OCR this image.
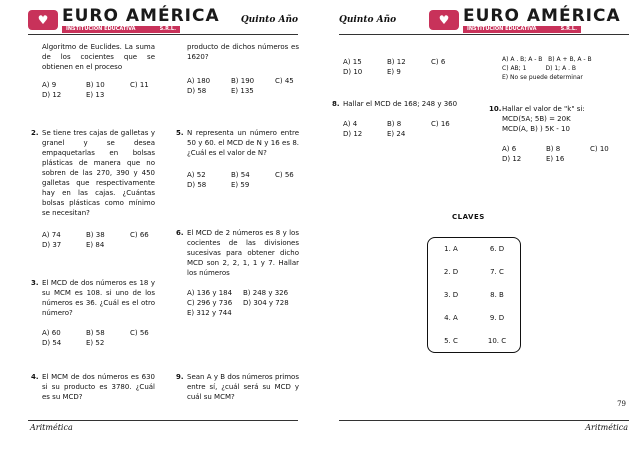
♥ EURO AMÉRICA
INSTITUCIÓN EDUCATIVA	S.R.L.
Quinto Año
Algoritmo de Euclides. La suma de los cocientes que se obtienen en el proceso
A) 9	B) 10	C) 11
D) 12	E) 13
2. Se tiene tres cajas de galletas y granel y se desea empaquetarlas en bolsas plásticas de manera que no sobren de las 270, 390 y 450 galletas que respectivamente hay en las cajas. ¿Cuántas bolsas plásticas como mínimo se necesitan?
A) 74	B) 38	C) 66
D) 37	E) 84
3. El MCD de dos números es 18 y su MCM es 108. si uno de los números es 36. ¿Cuál es el otro número?
A) 60	B) 58	C) 56
D) 54	E) 52
4. El MCM de dos números es 630 si su producto es 3780. ¿Cuál es su MCD?
producto de dichos números es 1620?
A) 180	B) 190	C) 45
D) 58	E) 135
5. N representa un número entre 50 y 60. el MCD de N y 16 es 8. ¿Cuál es el valor de N?
A) 52	B) 54	C) 56
D) 58	E) 59
6. El MCD de 2 números es 8 y los cocientes de las divisiones sucesivas para obtener dicho MCD son 2, 2, 1, 1 y 7. Hallar los números
A) 136 y 184	B) 248 y 326
C) 296 y 736	D) 304 y 728
E) 312 y 744
9. Sean A y B dos números primos entre sí, ¿cuál será su MCD y cuál su MCM?
Aritmética
Quinto Año	♥ EURO AMÉRICA
INSTITUCIÓN EDUCATIVA	S.R.L.
A) 15	B) 12	C) 6
D) 10	E) 9
8. Hallar el MCD de 168; 248 y 360
A) 4	B) 8	C) 16
D) 12	E) 24
A) A . B; A - B   B) A + B, A - B
C) AB; 1          D) 1; A . B
E) No se puede determinar
10. Hallar el valor de "k" si:
MCD(5A; 5B) = 20K
MCD(A, B) ) 5K - 10
A) 6	B) 8	C) 10
D) 12	E) 16
79
Aritmética
CLAVES
1. A	6. D
2. D	7. C
3. D	8. B
4. A	9. D
5. C	10. C
